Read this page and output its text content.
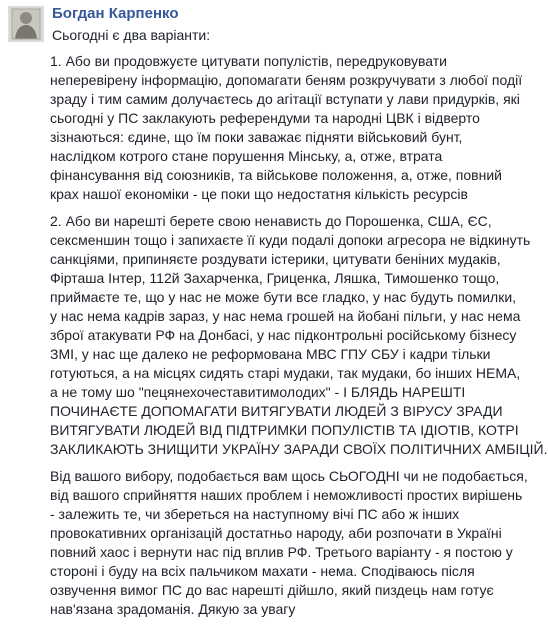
Богдан Карпенко
Сьогодні є два варіанти:
1. Або ви продовжуєте цитувати популістів, передруковувати
неперевірену інформацію, допомагати беням розкручувати з любої події
зраду і тим самим долучаєтесь до агітації вступати у лави придурків, які
сьогодні у ПС заклакують референдуми та народні ЦВК і відверто
зізнаються: єдине, що їм поки заважає підняти військовий бунт,
наслідком котрого стане порушення Мінську, а, отже, втрата
фінансування від союзників, та військове положення, а, отже, повний
крах нашої економіки - це поки що недостатня кількість ресурсів
2. Або ви нарешті берете свою ненависть до Порошенка, США, ЄС,
сексменшин тощо і запихаєте її куди подалі допоки агресора не відкинуть
санкціями, припиняєте роздувати істерики, цитувати беніних мудаків,
Фірташа Інтер, 112й Захарченка, Гриценка, Ляшка, Тимошенко тощо,
приймаєте те, що у нас не може бути все гладко, у нас будуть помилки,
у нас нема кадрів зараз, у нас нема грошей на йобані пільги, у нас нема
зброї атакувати РФ на Донбасі, у нас підконтрольні російському бізнесу
ЗМІ, у нас ще далеко не реформована МВС ГПУ СБУ і кадри тільки
готуються, а на місцях сидять старі мудаки, так мудаки, бо інших НЕМА,
а не тому шо "пецянехочеставитимолодих" - І БЛЯДЬ НАРЕШТІ
ПОЧИНАЄТЕ ДОПОМАГАТИ ВИТЯГУВАТИ ЛЮДЕЙ З ВІРУСУ ЗРАДИ
ВИТЯГУВАТИ ЛЮДЕЙ ВІД ПІДТРИМКИ ПОПУЛІСТІВ ТА ІДІОТІВ, КОТРІ
ЗАКЛИКАЮТЬ ЗНИЩИТИ УКРАЇНУ ЗАРАДИ СВОЇХ ПОЛІТИЧНИХ АМБІЦІЙ.
Від вашого вибору, подобається вам щось СЬОГОДНІ чи не подобається,
від вашого сприйняття наших проблем і неможливості простих вирішень
- залежить те, чи збереться на наступному вічі ПС або ж інших
провокативних організацій достатньо народу, аби розпочати в Україні
повний хаос і вернути нас під вплив РФ. Третього варіанту - я постою у
стороні і буду на всіх пальчиком махати - нема. Сподіваюсь після
озвучення вимог ПС до вас нарешті дійшло, який пиздець нам готує
нав'язана зрадоманія. Дякую за увагу
